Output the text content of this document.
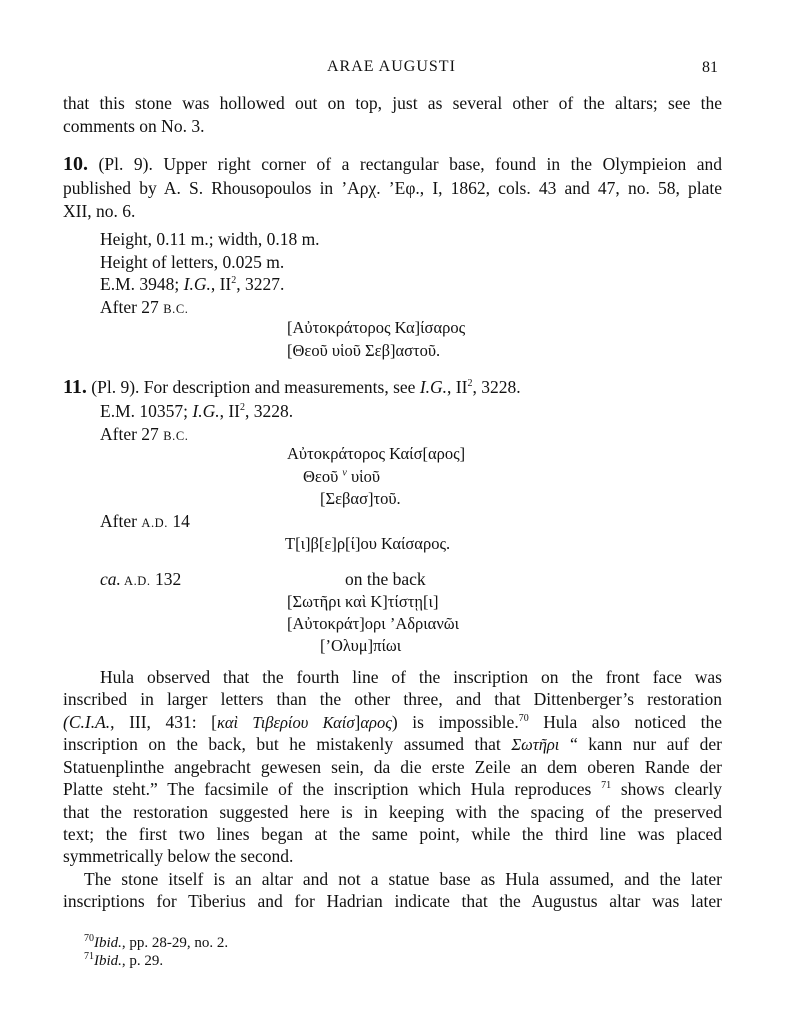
ARAE AUGUSTI	81
that this stone was hollowed out on top, just as several other of the altars; see the
comments on No. 3.
10. (Pl. 9). Upper right corner of a rectangular base, found in the Olympieion and
published by A. S. Rhousopoulos in ’Αρχ. ’Εφ., I, 1862, cols. 43 and 47, no. 58, plate
XII, no. 6.
Height, 0.11 m.; width, 0.18 m.
Height of letters, 0.025 m.
E.M. 3948; I.G., $II^2$, 3227.
After 27 B.C.
[Αὐτοκράτορος Κα]ίσαρος
[Θεοῦ υἱοῦ Σεβ]αστοῦ.
11. (Pl. 9). For description and measurements, see I.G., $II^2$, 3228.
E.M. 10357; I.G., $II^2$, 3228.
After 27 B.C.
Αὐτοκράτορος Καίσ[αρος]
Θεοῦ $^v$ υἱοῦ
[Σεβασ]τοῦ.
After A.D. 14
Τ[ι]β[ε]ρ[ί]ου Καίσαρος.
ca. A.D. 132	on the back
[Σωτῆρι καὶ Κ]τίστῃ[ι]
[Αὐτοκράτ]ορι ’Αδριανῶι
[’Ολυμ]πίωι
Hula observed that the fourth line of the inscription on the front face was
inscribed in larger letters than the other three, and that Dittenberger’s restoration
(C.I.A., III, 431: [καὶ Τιβερίου Καίσ]αρος) is impossible.$^{70}$ Hula also noticed the
inscription on the back, but he mistakenly assumed that Σωτῆρι “ kann nur auf der
Statuenplinthe angebracht gewesen sein, da die erste Zeile an dem oberen Rande der
Platte steht.” The facsimile of the inscription which Hula reproduces $^{71}$ shows clearly
that the restoration suggested here is in keeping with the spacing of the preserved
text; the first two lines began at the same point, while the third line was placed
symmetrically below the second.
The stone itself is an altar and not a statue base as Hula assumed, and the later
inscriptions for Tiberius and for Hadrian indicate that the Augustus altar was later
$^{70}$Ibid., pp. 28-29, no. 2.
$^{71}$Ibid., p. 29.
